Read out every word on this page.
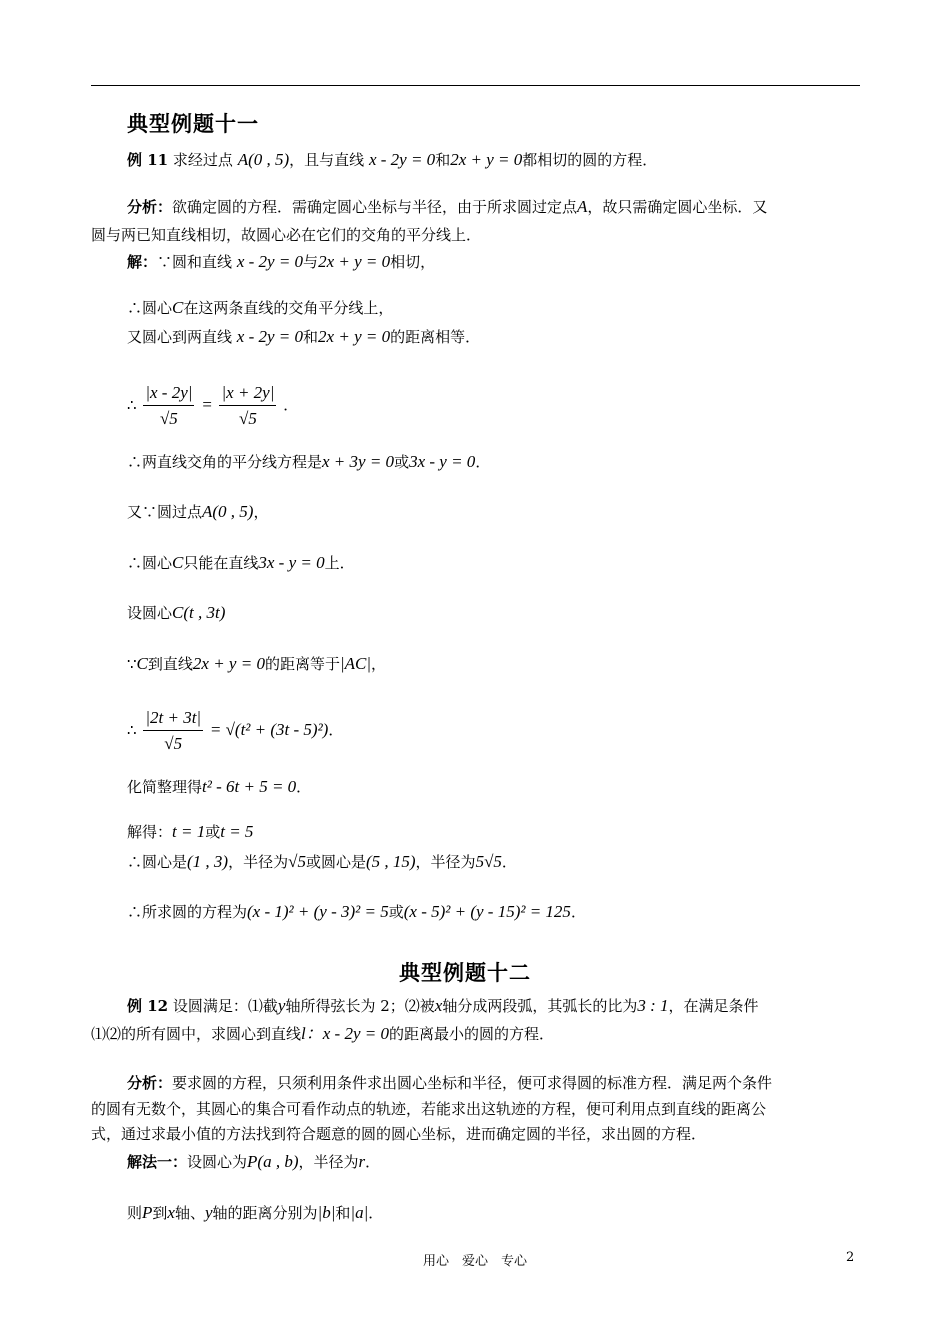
典型例题十一
例 11 求经过点 A(0 , 5)，且与直线 x - 2y = 0和2x + y = 0都相切的圆的方程．
分析：欲确定圆的方程．需确定圆心坐标与半径，由于所求圆过定点A，故只需确定圆心坐标．又
圆与两已知直线相切，故圆心必在它们的交角的平分线上．
解：∵圆和直线 x - 2y = 0与2x + y = 0相切，
∴圆心C在这两条直线的交角平分线上，
又圆心到两直线 x - 2y = 0和2x + y = 0的距离相等．
∴ $\frac{|x - 2y|}{√5} = \frac{|x + 2y|}{√5}$ ．
∴两直线交角的平分线方程是x + 3y = 0或3x - y = 0．
又∵圆过点A(0 , 5)，
∴圆心C只能在直线3x - y = 0上．
设圆心C(t , 3t)
∵C到直线2x + y = 0的距离等于|AC|，
∴ $\frac{|2t + 3t|}{√5} = √(t^2 + (3t - 5)^2)$．
化简整理得t² - 6t + 5 = 0．
解得：t = 1或t = 5
∴圆心是(1 , 3)，半径为√5或圆心是(5 , 15)，半径为5√5．
∴所求圆的方程为(x - 1)² + (y - 3)² = 5或(x - 5)² + (y - 15)² = 125．
典型例题十二
例 12 设圆满足：⑴截y轴所得弦长为 2；⑵被x轴分成两段弧，其弧长的比为3 : 1，在满足条件
⑴⑵的所有圆中，求圆心到直线l：x - 2y = 0的距离最小的圆的方程．
分析：要求圆的方程，只须利用条件求出圆心坐标和半径，便可求得圆的标准方程．满足两个条件
的圆有无数个，其圆心的集合可看作动点的轨迹，若能求出这轨迹的方程，便可利用点到直线的距离公
式，通过求最小值的方法找到符合题意的圆的圆心坐标，进而确定圆的半径，求出圆的方程．
解法一：设圆心为P(a , b)，半径为r．
则P到x轴、y轴的距离分别为|b|和|a|．
用心　爱心　专心	2
